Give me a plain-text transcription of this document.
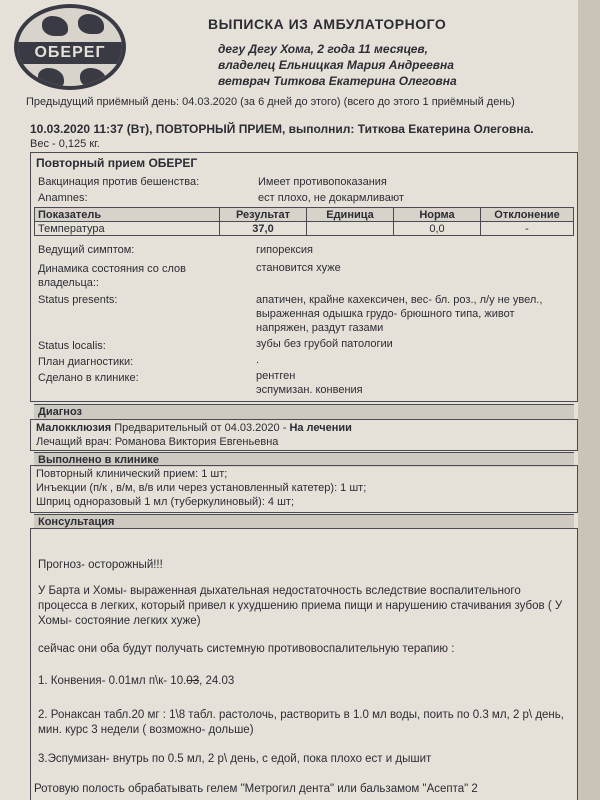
ОБЕРЕГ
ВЫПИСКА ИЗ АМБУЛАТОРНОГО
дегу Дегу Хома, 2 года 11 месяцев,
владелец Ельницкая Мария Андреевна
ветврач Титкова Екатерина Олеговна
Предыдущий приёмный день: 04.03.2020 (за 6 дней до этого) (всего до этого 1 приёмный день)
10.03.2020 11:37 (Вт), ПОВТОРНЫЙ ПРИЕМ, выполнил: Титкова Екатерина Олеговна.
Вес - 0,125 кг.
Повторный прием ОБЕРЕГ
Вакцинация против бешенства:	Имеет противопоказания
Anamnes:	ест плохо, не докармливают
Показатель	Результат	Единица	Норма	Отклонение
Температура	37,0		0,0	-
Ведущий симптом:	гипорексия
Динамика состояния со слов владельца::
становится хуже
Status presents:	апатичен, крайне кахексичен, вес- бл. роз., л/у не увел.,
выраженная одышка грудо- брюшного типа, живот
напряжен, раздут газами
Status localis:	зубы без грубой патологии
План диагностики:	.
Сделано в клинике:	рентген
эспумизан. конвения
Диагноз
Малокклюзия Предварительный от 04.03.2020 - На лечении
Лечащий врач: Романова Виктория Евгеньевна
Выполнено в клинике
Повторный клинический прием: 1 шт;
Инъекции (п/к , в/м, в/в или через установленный катетер): 1 шт;
Шприц одноразовый 1 мл (туберкулиновый): 4 шт;
Консультация
Прогноз- осторожный!!!
У Барта и Хомы- выраженная дыхательная недостаточность вследствие воспалительного
процесса в легких, который привел к ухудшению приема пищи и нарушению стачивания зубов ( У
Хомы- состояние легких хуже)
сейчас они оба будут получать системную противовоспалительную терапию :
1. Конвения- 0.01мл п\к- 10.03, 24.03
2. Ронаксан табл.20 мг : 1\8 табл. растолочь, растворить в 1.0 мл воды, поить по 0.3 мл, 2 р\ день,
мин. курс 3 недели ( возможно- дольше)
3.Эспумизан- внутрь по 0.5 мл, 2 р\ день, с едой, пока плохо ест и дышит
Ротовую полость обрабатывать гелем "Метрогил дента" или бальзамом "Асепта" 2
